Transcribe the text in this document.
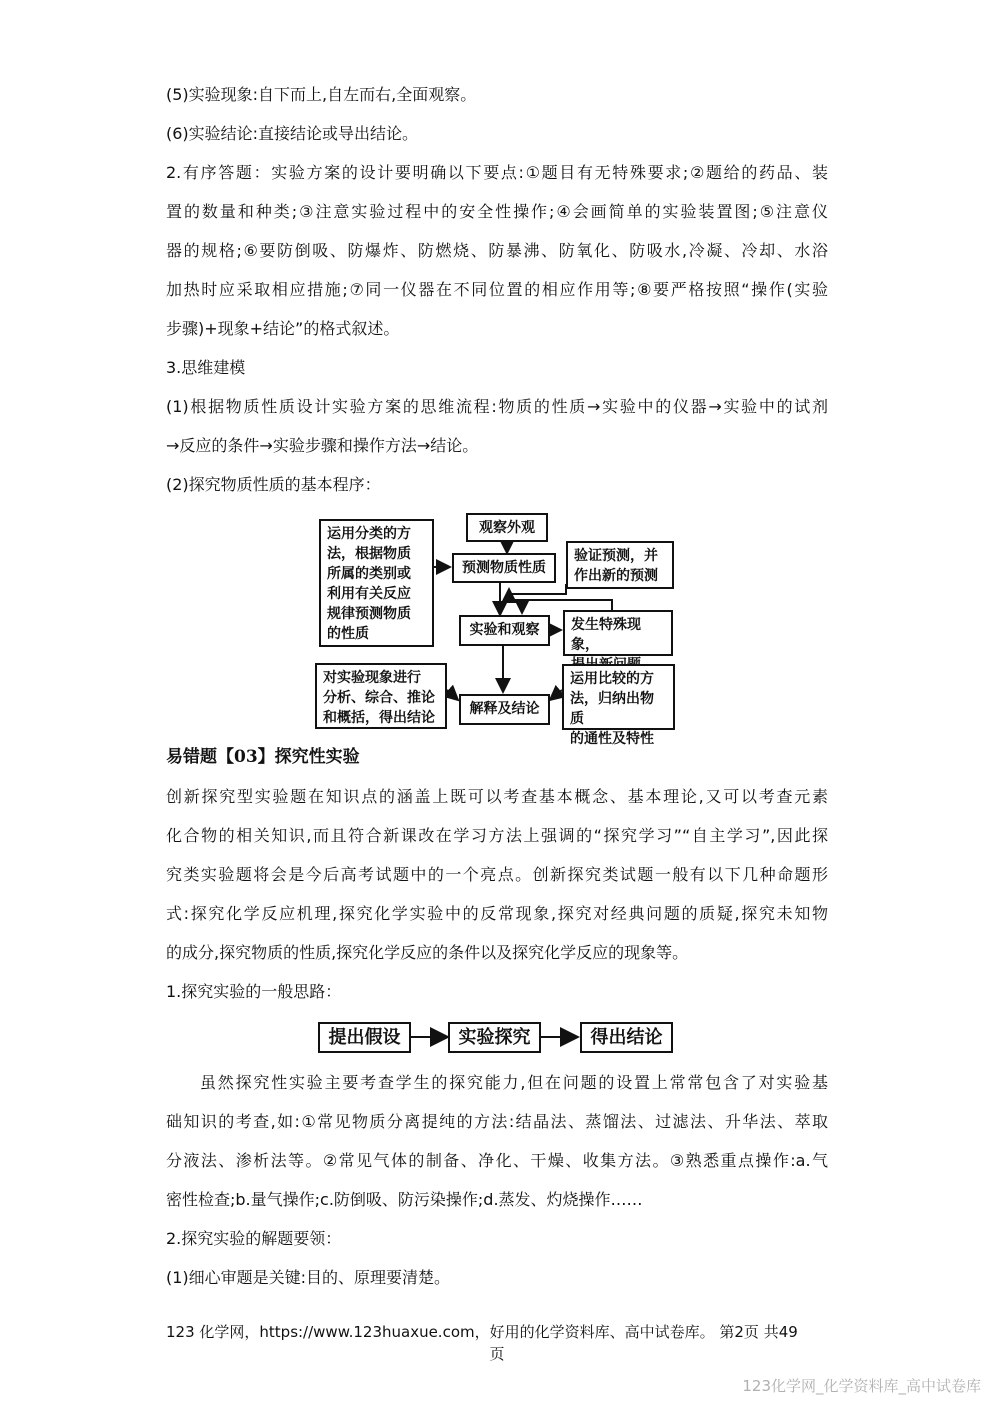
(5)实验现象:自下而上,自左而右,全面观察。
(6)实验结论:直接结论或导出结论。
2.有序答题：实验方案的设计要明确以下要点:①题目有无特殊要求;②题给的药品、装
置的数量和种类;③注意实验过程中的安全性操作;④会画简单的实验装置图;⑤注意仪
器的规格;⑥要防倒吸、防爆炸、防燃烧、防暴沸、防氧化、防吸水,冷凝、冷却、水浴
加热时应采取相应措施;⑦同一仪器在不同位置的相应作用等;⑧要严格按照“操作(实验
步骤)+现象+结论”的格式叙述。
3.思维建模
(1)根据物质性质设计实验方案的思维流程:物质的性质→实验中的仪器→实验中的试剂
→反应的条件→实验步骤和操作方法→结论。
(2)探究物质性质的基本程序：
运用分类的方
法，根据物质
所属的类别或
利用有关反应
规律预测物质
的性质
观察外观
预测物质性质
验证预测，并
作出新的预测
实验和观察	发生特殊现象，
对实验现象进行
分析、综合、推论
和概括，得出结论
解释及结论
运用比较的方
法，归纳出物质
的通性及特性
易错题【03】探究性实验
创新探究型实验题在知识点的涵盖上既可以考查基本概念、基本理论,又可以考查元素
化合物的相关知识,而且符合新课改在学习方法上强调的“探究学习”“自主学习”,因此探
究类实验题将会是今后高考试题中的一个亮点。创新探究类试题一般有以下几种命题形
式:探究化学反应机理,探究化学实验中的反常现象,探究对经典问题的质疑,探究未知物
的成分,探究物质的性质,探究化学反应的条件以及探究化学反应的现象等。
1.探究实验的一般思路：
提出假设	实验探究	得出结论
虽然探究性实验主要考查学生的探究能力,但在问题的设置上常常包含了对实验基
础知识的考查,如:①常见物质分离提纯的方法:结晶法、蒸馏法、过滤法、升华法、萃取
分液法、渗析法等。②常见气体的制备、净化、干燥、收集方法。③熟悉重点操作:a.气
密性检查;b.量气操作;c.防倒吸、防污染操作;d.蒸发、灼烧操作……
2.探究实验的解题要领：
(1)细心审题是关键:目的、原理要清楚。
123 化学网，https://www.123huaxue.com，好用的化学资料库、高中试卷库。 第2页 共49
页
123化学网_化学资料库_高中试卷库
